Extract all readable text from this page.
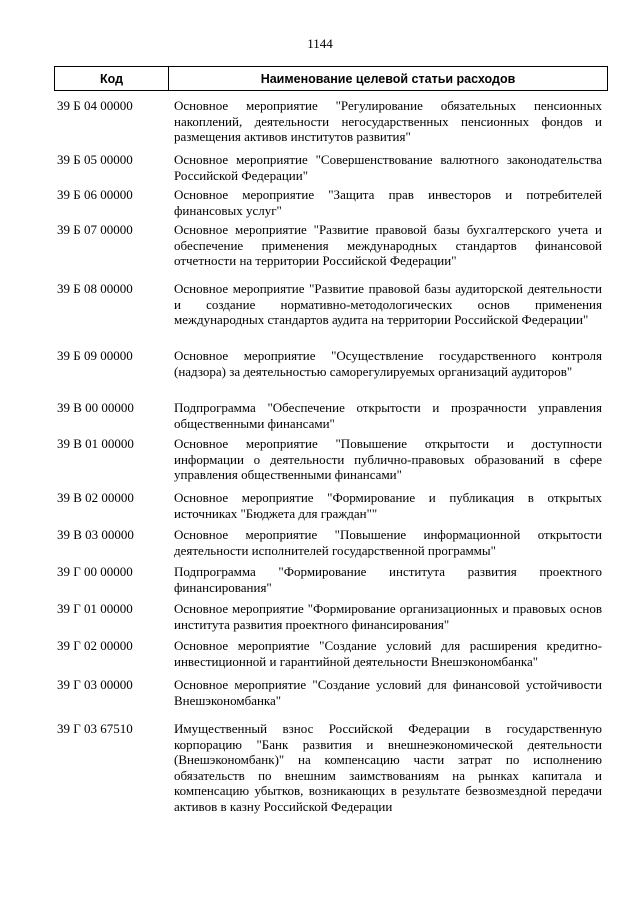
1144
Код	Наименование целевой статьи расходов
39 Б 04 00000	Основное мероприятие "Регулирование обязательных пенсионных накоплений, деятельности негосударственных пенсионных фондов и размещения активов институтов развития"
39 Б 05 00000	Основное мероприятие "Совершенствование валютного законодательства Российской Федерации"
39 Б 06 00000	Основное мероприятие "Защита прав инвесторов и потребителей финансовых услуг"
39 Б 07 00000	Основное мероприятие "Развитие правовой базы бухгалтерского учета и обеспечение применения международных стандартов финансовой отчетности на территории Российской Федерации"
39 Б 08 00000	Основное мероприятие "Развитие правовой базы аудиторской деятельности и создание нормативно-методологических основ применения международных стандартов аудита на территории Российской Федерации"
39 Б 09 00000	Основное мероприятие "Осуществление государственного контроля (надзора) за деятельностью саморегулируемых организаций аудиторов"
39 В 00 00000	Подпрограмма "Обеспечение открытости и прозрачности управления общественными финансами"
39 В 01 00000	Основное мероприятие "Повышение открытости и доступности информации о деятельности публично-правовых образований в сфере управления общественными финансами"
39 В 02 00000	Основное мероприятие "Формирование и публикация в открытых источниках "Бюджета для граждан""
39 В 03 00000	Основное мероприятие "Повышение информационной открытости деятельности исполнителей государственной программы"
39 Г 00 00000	Подпрограмма "Формирование института развития проектного финансирования"
39 Г 01 00000	Основное мероприятие "Формирование организационных и правовых основ института развития проектного финансирования"
39 Г 02 00000	Основное мероприятие "Создание условий для расширения кредитно-инвестиционной и гарантийной деятельности Внешэкономбанка"
39 Г 03 00000	Основное мероприятие "Создание условий для финансовой устойчивости Внешэкономбанка"
39 Г 03 67510	Имущественный взнос Российской Федерации в государственную корпорацию "Банк развития и внешнеэкономической деятельности (Внешэкономбанк)" на компенсацию части затрат по исполнению обязательств по внешним заимствованиям на рынках капитала и компенсацию убытков, возникающих в результате безвозмездной передачи активов в казну Российской Федерации
